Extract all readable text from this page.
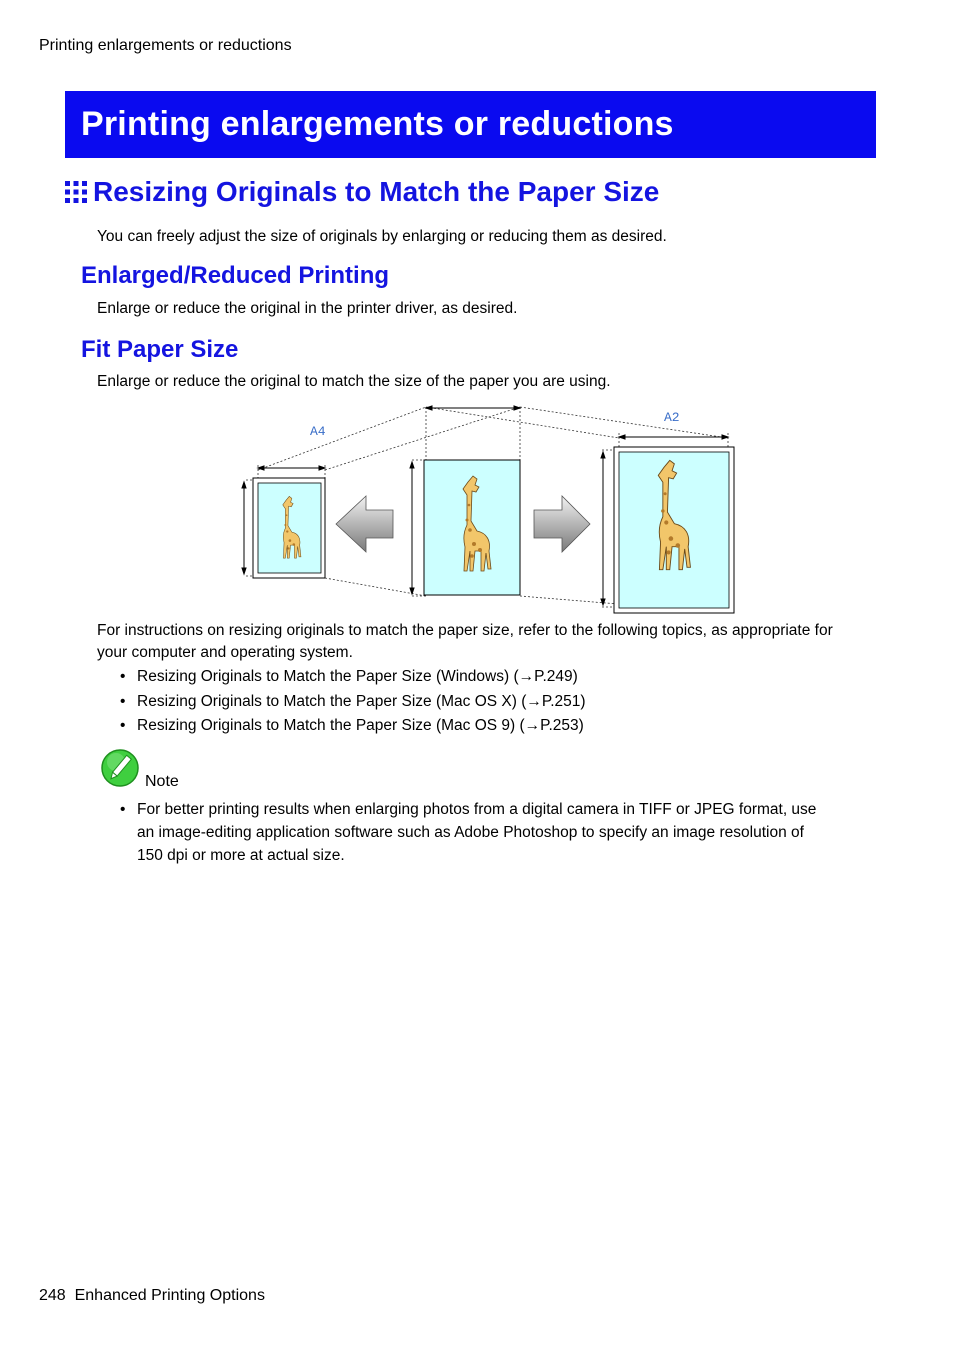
Printing enlargements or reductions
Printing enlargements or reductions
Resizing Originals to Match the Paper Size
You can freely adjust the size of originals by enlarging or reducing them as desired.
Enlarged/Reduced Printing
Enlarge or reduce the original in the printer driver, as desired.
Fit Paper Size
Enlarge or reduce the original to match the size of the paper you are using.
A4
A2
For instructions on resizing originals to match the paper size, refer to the following topics, as appropriate for
your computer and operating system.
• Resizing Originals to Match the Paper Size (Windows) (→P.249)
• Resizing Originals to Match the Paper Size (Mac OS X) (→P.251)
• Resizing Originals to Match the Paper Size (Mac OS 9) (→P.253)
Note
• For better printing results when enlarging photos from a digital camera in TIFF or JPEG format, use
an image-editing application software such as Adobe Photoshop to specify an image resolution of
150 dpi or more at actual size.
248 Enhanced Printing Options
